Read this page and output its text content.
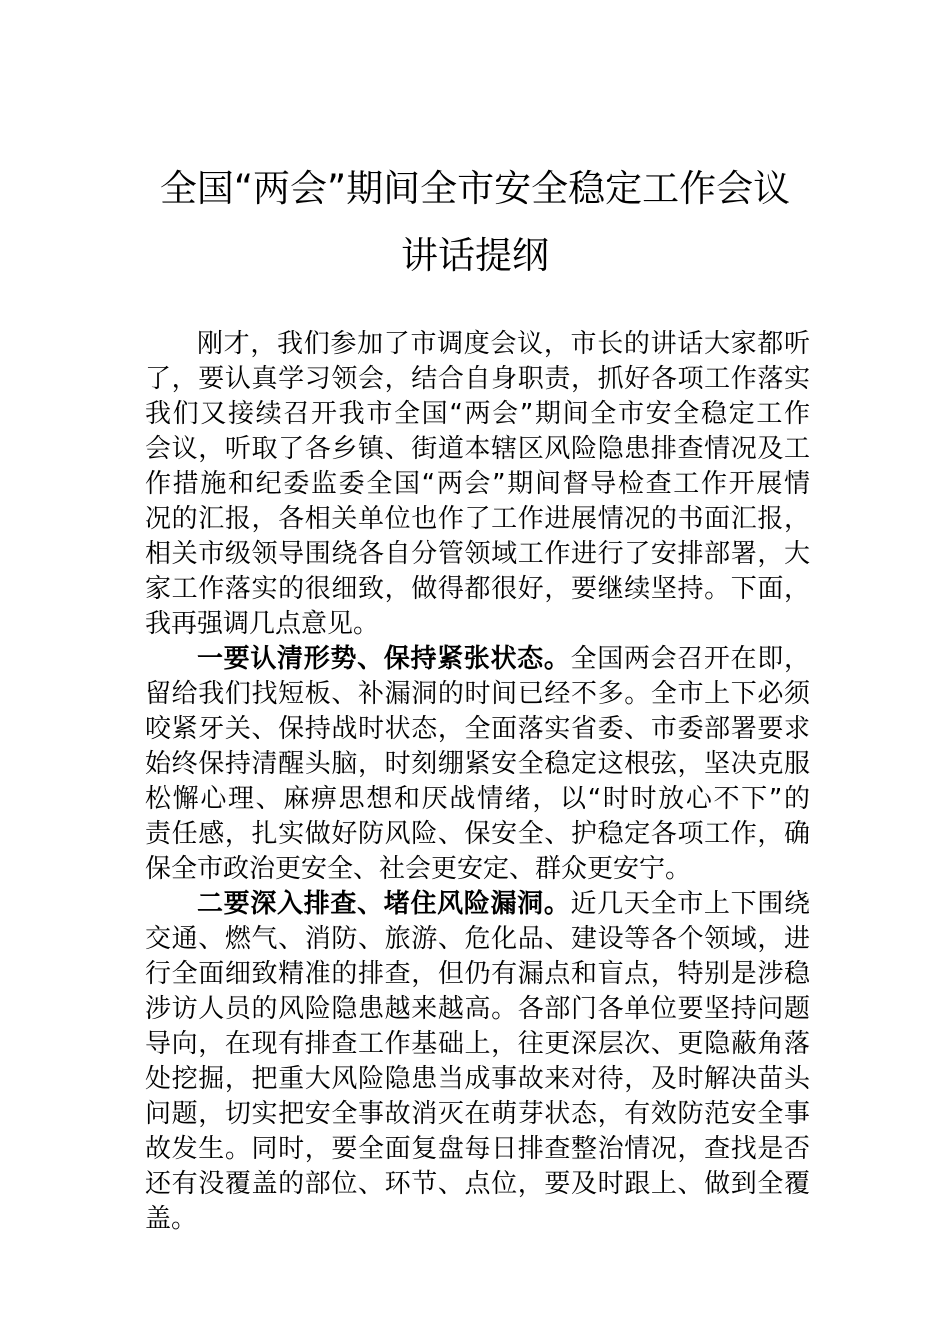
全国“两会”期间全市安全稳定工作会议
讲话提纲
刚才，我们参加了市调度会议，市长的讲话大家都听
了，要认真学习领会，结合自身职责，抓好各项工作落实
我们又接续召开我市全国“两会”期间全市安全稳定工作
会议，听取了各乡镇、街道本辖区风险隐患排查情况及工
作措施和纪委监委全国“两会”期间督导检查工作开展情
况的汇报，各相关单位也作了工作进展情况的书面汇报，
相关市级领导围绕各自分管领域工作进行了安排部署，大
家工作落实的很细致，做得都很好，要继续坚持。下面，
我再强调几点意见。
一要认清形势、保持紧张状态。全国两会召开在即，
留给我们找短板、补漏洞的时间已经不多。全市上下必须
咬紧牙关、保持战时状态，全面落实省委、市委部署要求
始终保持清醒头脑，时刻绷紧安全稳定这根弦，坚决克服
松懈心理、麻痹思想和厌战情绪，以“时时放心不下”的
责任感，扎实做好防风险、保安全、护稳定各项工作，确
保全市政治更安全、社会更安定、群众更安宁。
二要深入排查、堵住风险漏洞。近几天全市上下围绕
交通、燃气、消防、旅游、危化品、建设等各个领域，进
行全面细致精准的排查，但仍有漏点和盲点，特别是涉稳
涉访人员的风险隐患越来越高。各部门各单位要坚持问题
导向，在现有排查工作基础上，往更深层次、更隐蔽角落
处挖掘，把重大风险隐患当成事故来对待，及时解决苗头
问题，切实把安全事故消灭在萌芽状态，有效防范安全事
故发生。同时，要全面复盘每日排查整治情况，查找是否
还有没覆盖的部位、环节、点位，要及时跟上、做到全覆
盖。
